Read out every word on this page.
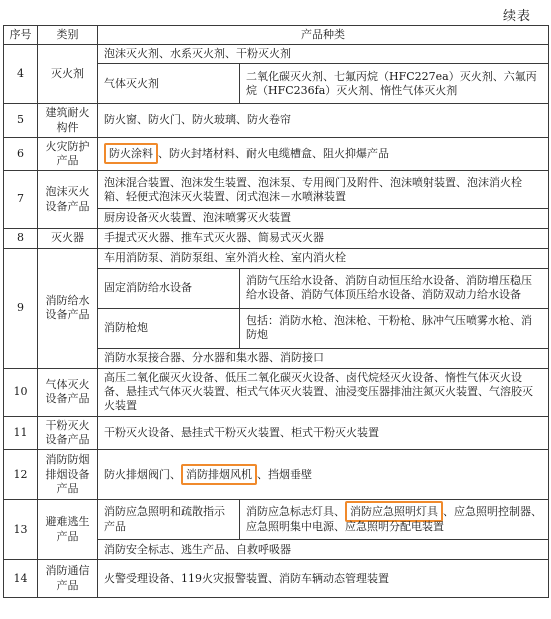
续表
序号	类别	产品种类	
4	灭火剂	泡沫灭火剂、水系灭火剂、干粉灭火剂	
		气体灭火剂	二氧化碳灭火剂、七氟丙烷（HFC227ea）灭火剂、六氟丙烷（HFC236fa）灭火剂、惰性气体灭火剂
5	建筑耐火构件	防火窗、防火门、防火玻璃、防火卷帘	
6	火灾防护产品	防火涂料 、防火封堵材料、耐火电缆槽盒、阻火抑爆产品	
7	泡沫灭火设备产品	泡沫混合装置、泡沫发生装置、泡沫泵、专用阀门及附件、泡沫喷射装置、泡沫消火栓箱、轻便式泡沫灭火装置、闭式泡沫－水喷淋装置	
		厨房设备灭火装置、泡沫喷雾灭火装置	
8	灭火器	手提式灭火器、推车式灭火器、简易式灭火器	
9	消防给水设备产品	车用消防泵、消防泵组、室外消火栓、室内消火栓	
		固定消防给水设备	消防气压给水设备、消防自动恒压给水设备、消防增压稳压给水设备、消防气体顶压给水设备、消防双动力给水设备
		消防枪炮	包括：消防水枪、泡沫枪、干粉枪、脉冲气压喷雾水枪、消防炮
		消防水泵接合器、分水器和集水器、消防接口	
10	气体灭火设备产品	高压二氧化碳灭火设备、低压二氧化碳灭火设备、卤代烷烃灭火设备、惰性气体灭火设备、悬挂式气体灭火装置、柜式气体灭火装置、油浸变压器排油注氮灭火装置、气溶胶灭火装置	
11	干粉灭火设备产品	干粉灭火设备、悬挂式干粉灭火装置、柜式干粉灭火装置	
12	消防防烟排烟设备产品	防火排烟阀门、 消防排烟风机 、挡烟垂壁	
13	避难逃生产品	消防应急照明和疏散指示产品	消防应急标志灯具、 消防应急照明灯具 、应急照明控制器、应急照明集中电源、应急照明分配电装置
		消防安全标志、逃生产品、自救呼吸器	
14	消防通信产品	火警受理设备、119火灾报警装置、消防车辆动态管理装置	
